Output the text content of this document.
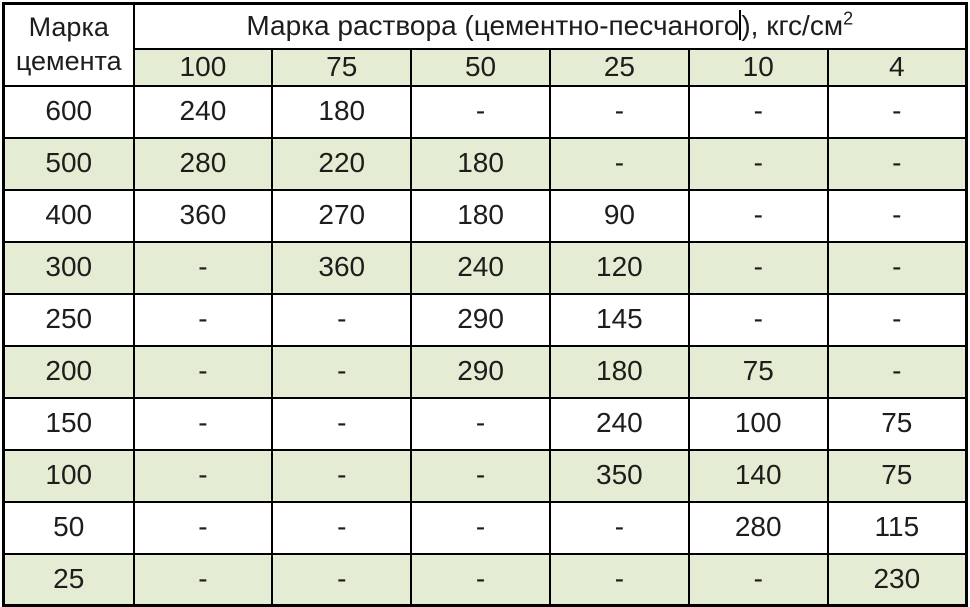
Марка цемента	Марка раствора (цементно-песчаного), кгс/$см^2$
	100	75	50	25	10	4
600	240	180	-	-	-	-
500	280	220	180	-	-	-
400	360	270	180	90	-	-
300	-	360	240	120	-	-
250	-	-	290	145	-	-
200	-	-	290	180	75	-
150	-	-	-	240	100	75
100	-	-	-	350	140	75
50	-	-	-	-	280	115
25	-	-	-	-	-	230
